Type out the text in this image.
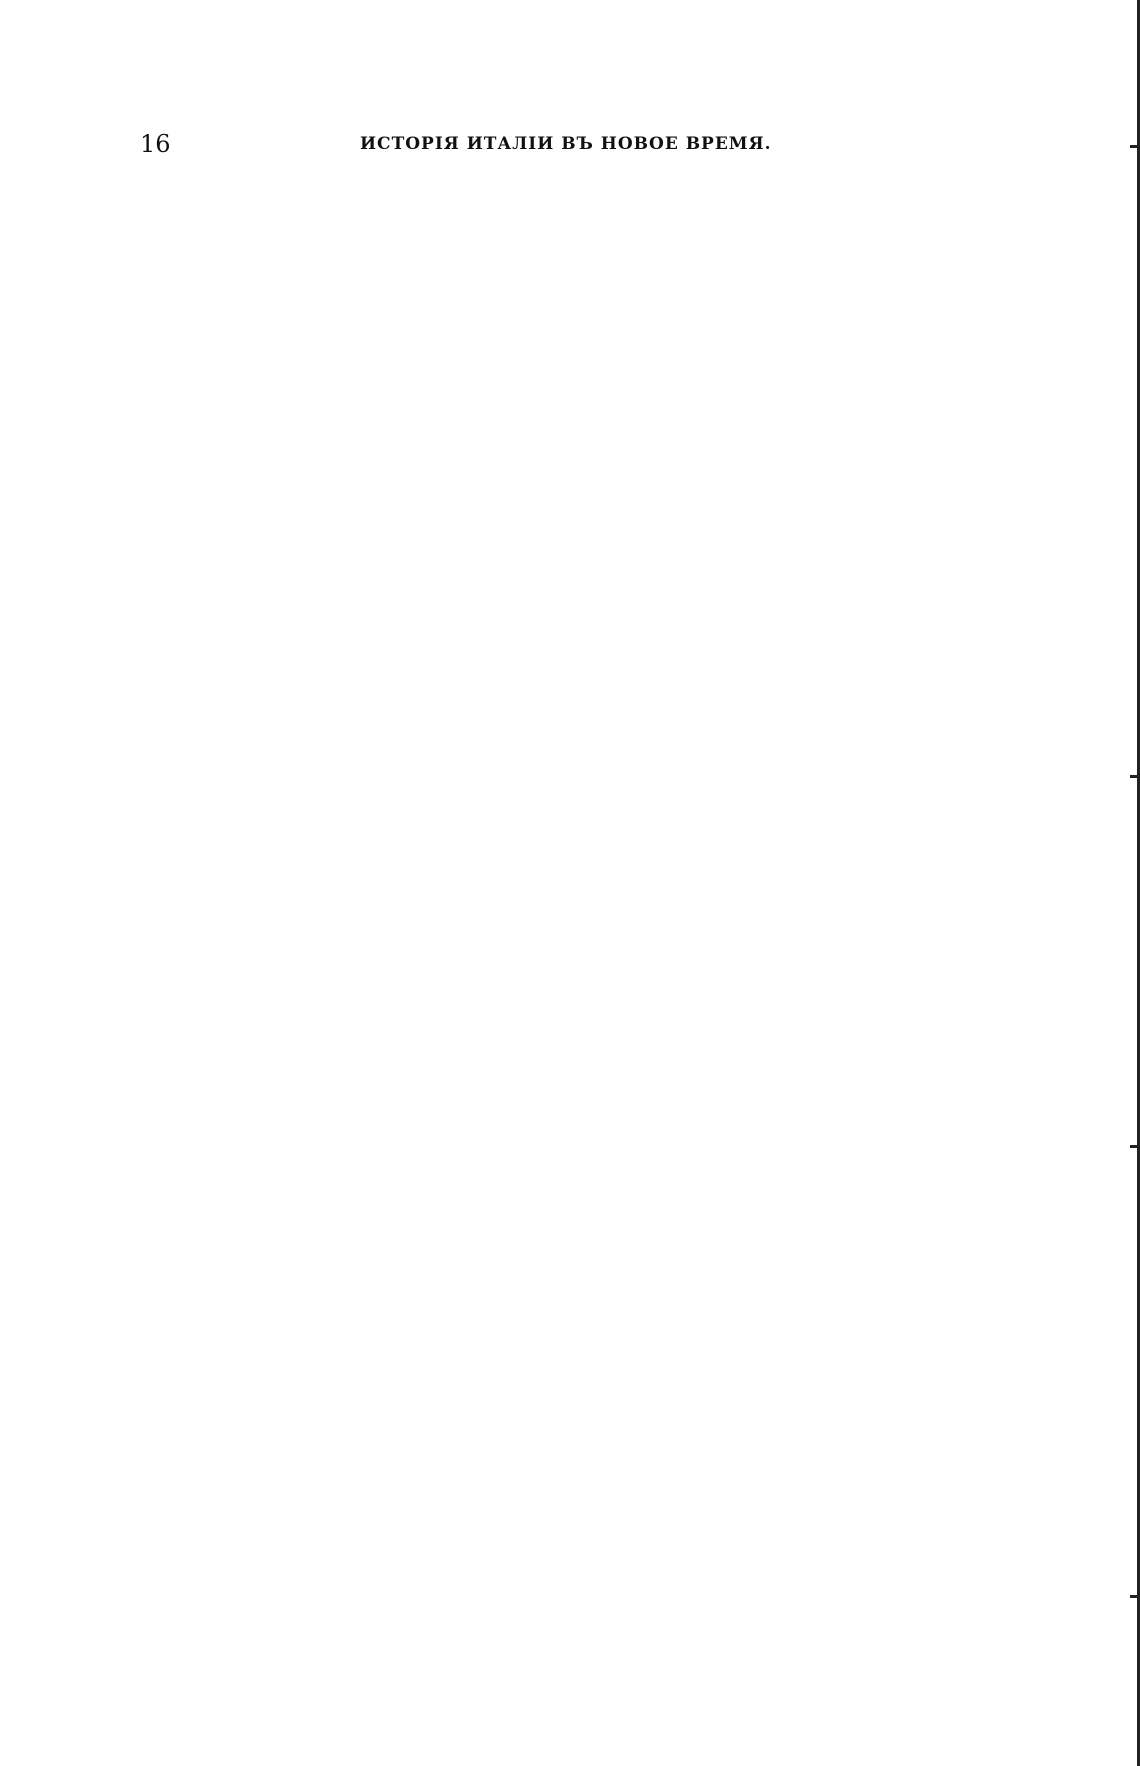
16	ИСТОРІЯ ИТАЛІИ ВЪ НОВОЕ ВРЕМЯ.
